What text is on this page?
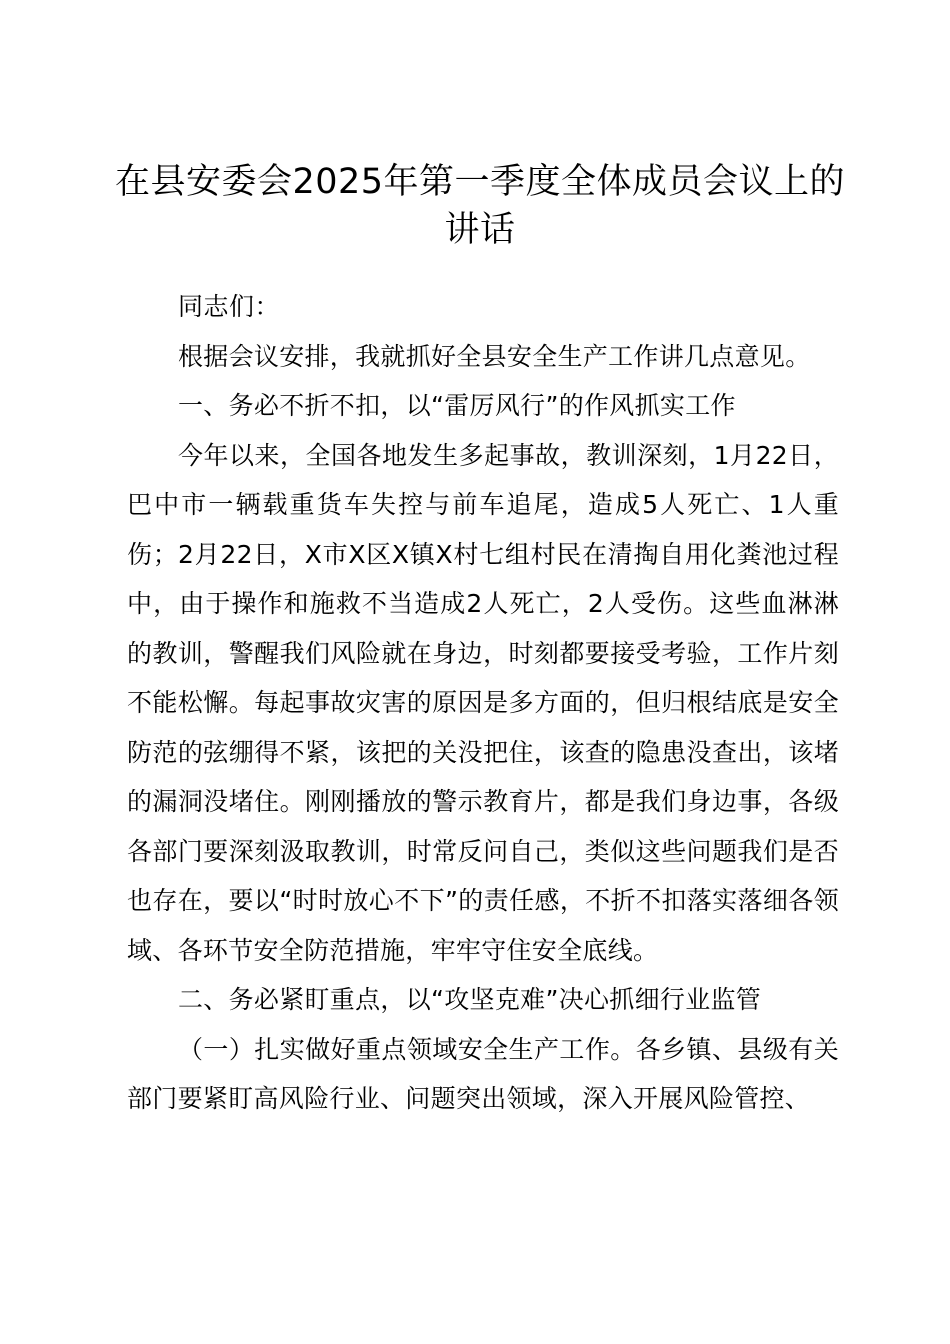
在县安委会2025年第一季度全体成员会议上的讲话

同志们：

根据会议安排，我就抓好全县安全生产工作讲几点意见。

一、务必不折不扣，以“雷厉风行”的作风抓实工作

今年以来，全国各地发生多起事故，教训深刻，1月22日，巴中市一辆载重货车失控与前车追尾，造成5人死亡、1人重伤；2月22日，X市X区X镇X村七组村民在清掏自用化粪池过程中，由于操作和施救不当造成2人死亡，2人受伤。这些血淋淋的教训，警醒我们风险就在身边，时刻都要接受考验，工作片刻不能松懈。每起事故灾害的原因是多方面的，但归根结底是安全防范的弦绷得不紧，该把的关没把住，该查的隐患没查出，该堵的漏洞没堵住。刚刚播放的警示教育片，都是我们身边事，各级各部门要深刻汲取教训，时常反问自己，类似这些问题我们是否也存在，要以“时时放心不下”的责任感，不折不扣落实落细各领域、各环节安全防范措施，牢牢守住安全底线。

二、务必紧盯重点，以“攻坚克难”决心抓细行业监管

（一）扎实做好重点领域安全生产工作。各乡镇、县级有关部门要紧盯高风险行业、问题突出领域，深入开展风险管控、
